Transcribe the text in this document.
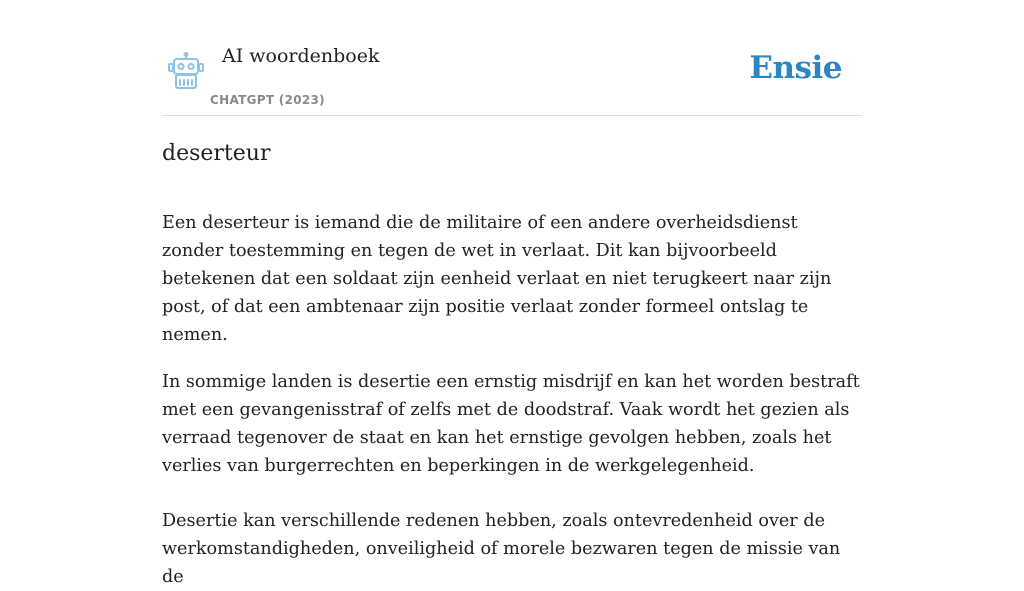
AI woordenboek
CHATGPT (2023)
Ensie
deserteur

Een deserteur is iemand die de militaire of een andere overheidsdienst zonder toestemming en tegen de wet in verlaat. Dit kan bijvoorbeeld betekenen dat een soldaat zijn eenheid verlaat en niet terugkeert naar zijn post, of dat een ambtenaar zijn positie verlaat zonder formeel ontslag te nemen.

In sommige landen is desertie een ernstig misdrijf en kan het worden bestraft met een gevangenisstraf of zelfs met de doodstraf. Vaak wordt het gezien als verraad tegenover de staat en kan het ernstige gevolgen hebben, zoals het verlies van burgerrechten en beperkingen in de werkgelegenheid.

Desertie kan verschillende redenen hebben, zoals ontevredenheid over de werkomstandigheden, onveiligheid of morele bezwaren tegen de missie van de
